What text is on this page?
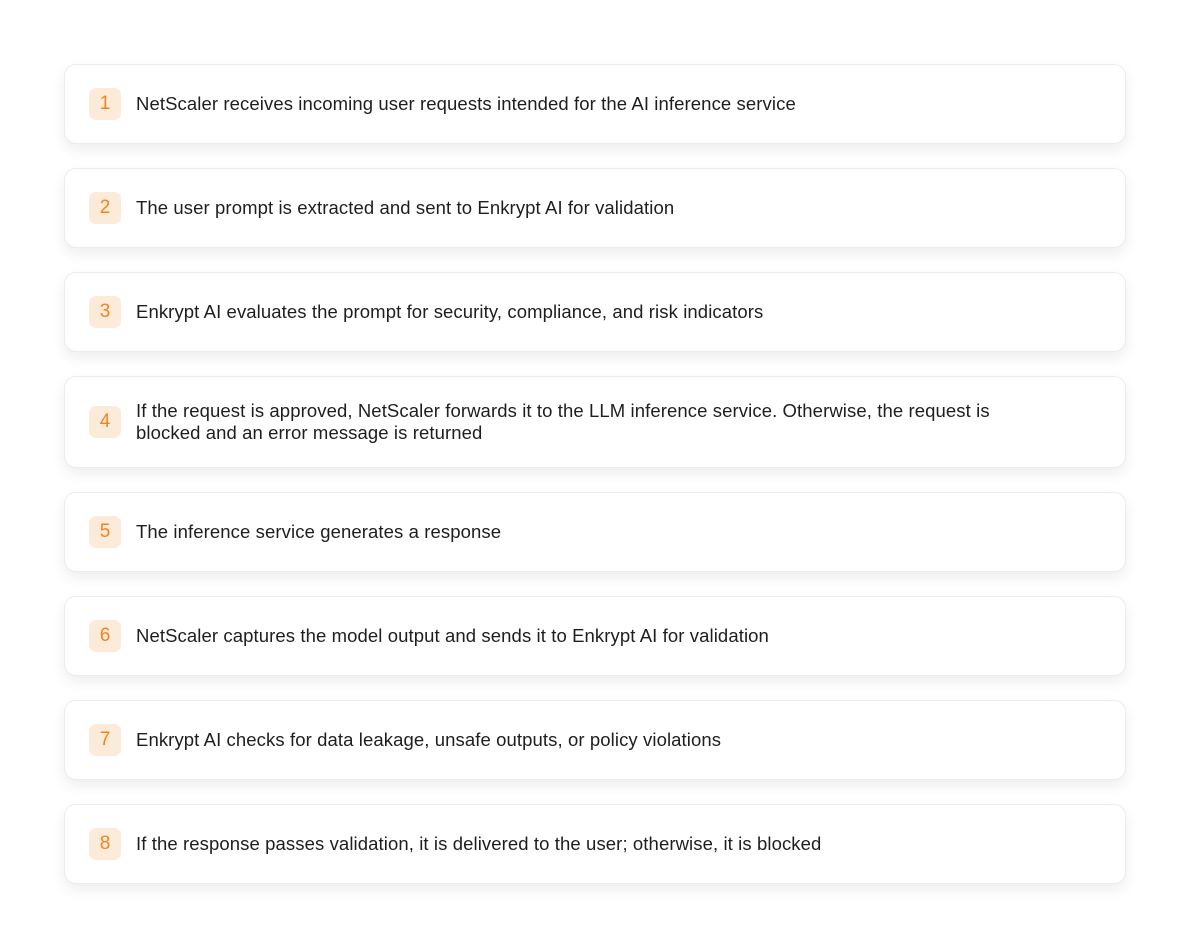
1	NetScaler receives incoming user requests intended for the AI inference service
2	The user prompt is extracted and sent to Enkrypt AI for validation
3	Enkrypt AI evaluates the prompt for security, compliance, and risk indicators
4
If the request is approved, NetScaler forwards it to the LLM inference service. Otherwise, the request is blocked and an error message is returned
5	The inference service generates a response
6	NetScaler captures the model output and sends it to Enkrypt AI for validation
7	Enkrypt AI checks for data leakage, unsafe outputs, or policy violations
8	If the response passes validation, it is delivered to the user; otherwise, it is blocked
